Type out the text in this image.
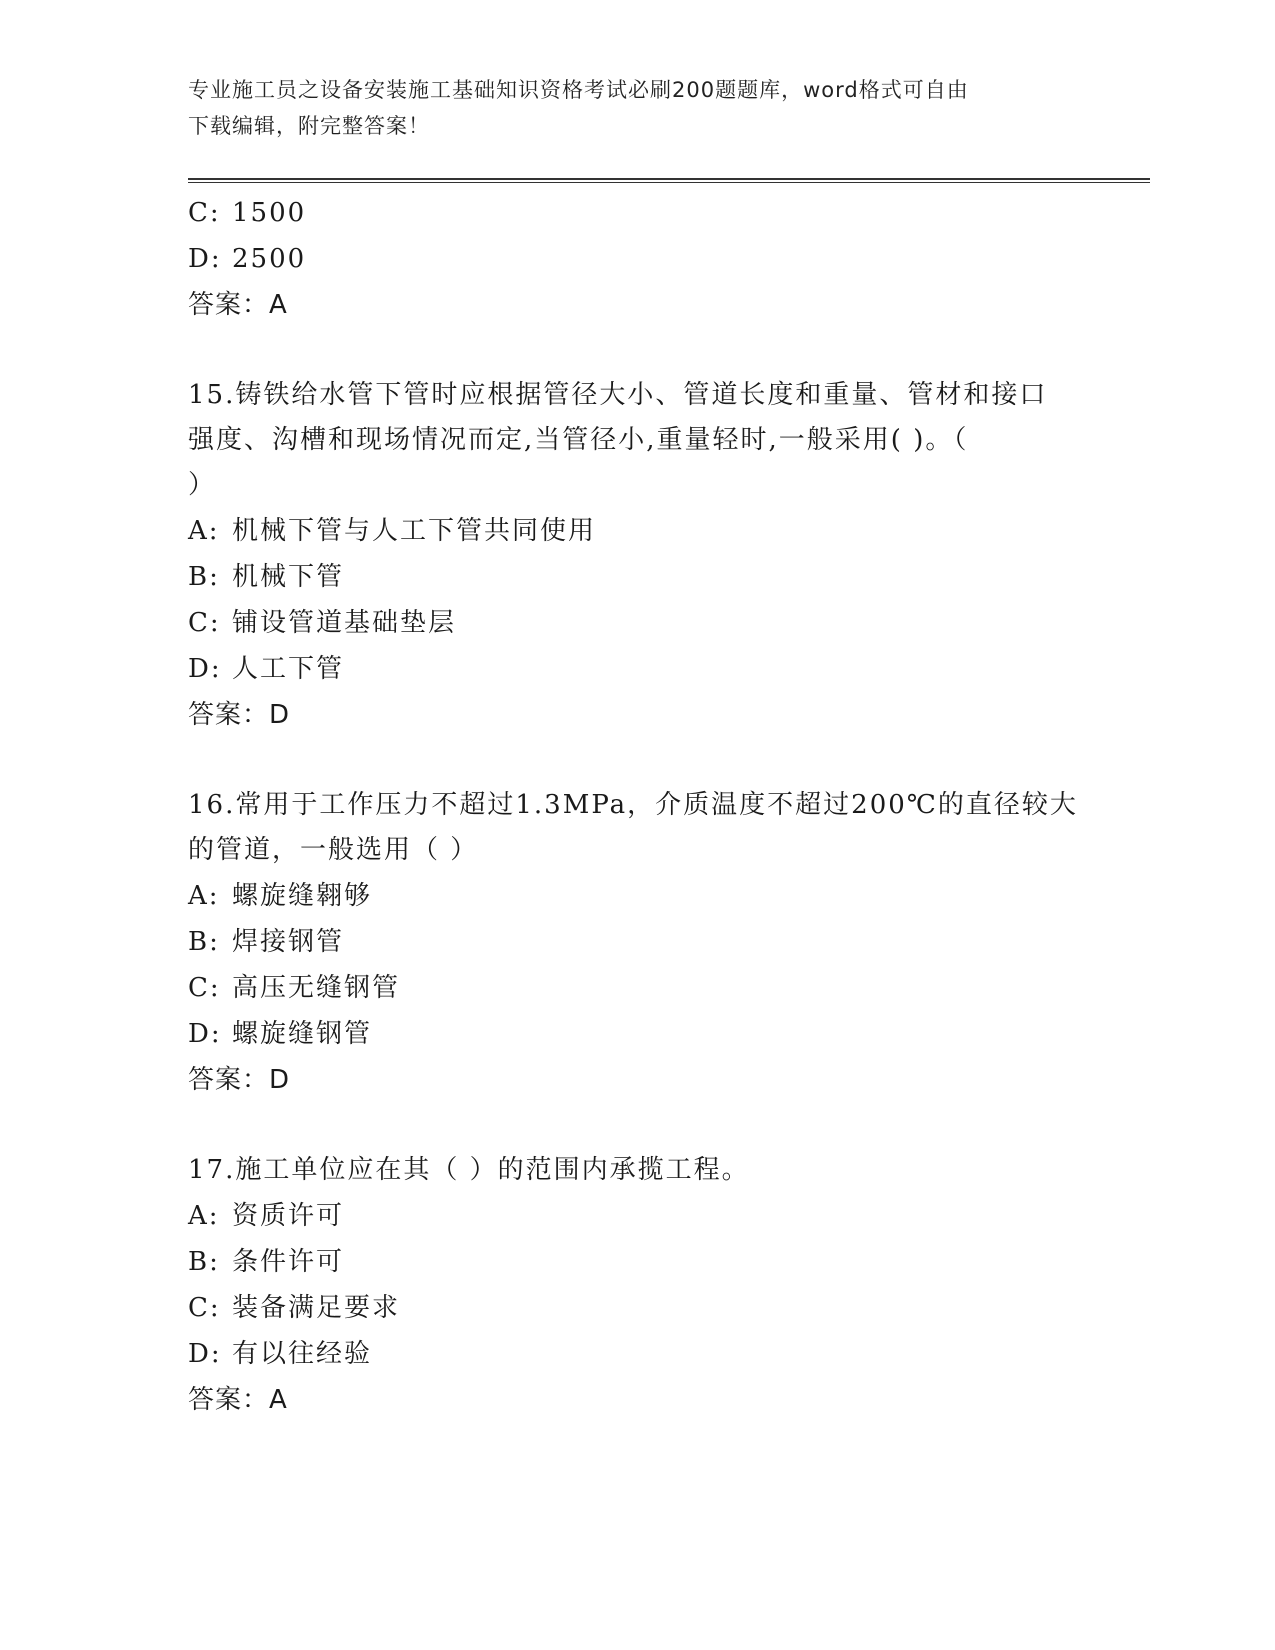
专业施工员之设备安装施工基础知识资格考试必刷200题题库，word格式可自由
下载编辑，附完整答案！
C: 1500
D: 2500
答案：A
15.铸铁给水管下管时应根据管径大小、管道长度和重量、管材和接口
强度、沟槽和现场情况而定,当管径小,重量轻时,一般采用( )。（
）
A: 机械下管与人工下管共同使用
B: 机械下管
C: 铺设管道基础垫层
D: 人工下管
答案：D
16.常用于工作压力不超过1.3MPa，介质温度不超过200℃的直径较大
的管道，一般选用（ ）
A: 螺旋缝翱够
B: 焊接钢管
C: 高压无缝钢管
D: 螺旋缝钢管
答案：D
17.施工单位应在其（ ）的范围内承揽工程。
A: 资质许可
B: 条件许可
C: 装备满足要求
D: 有以往经验
答案：A
